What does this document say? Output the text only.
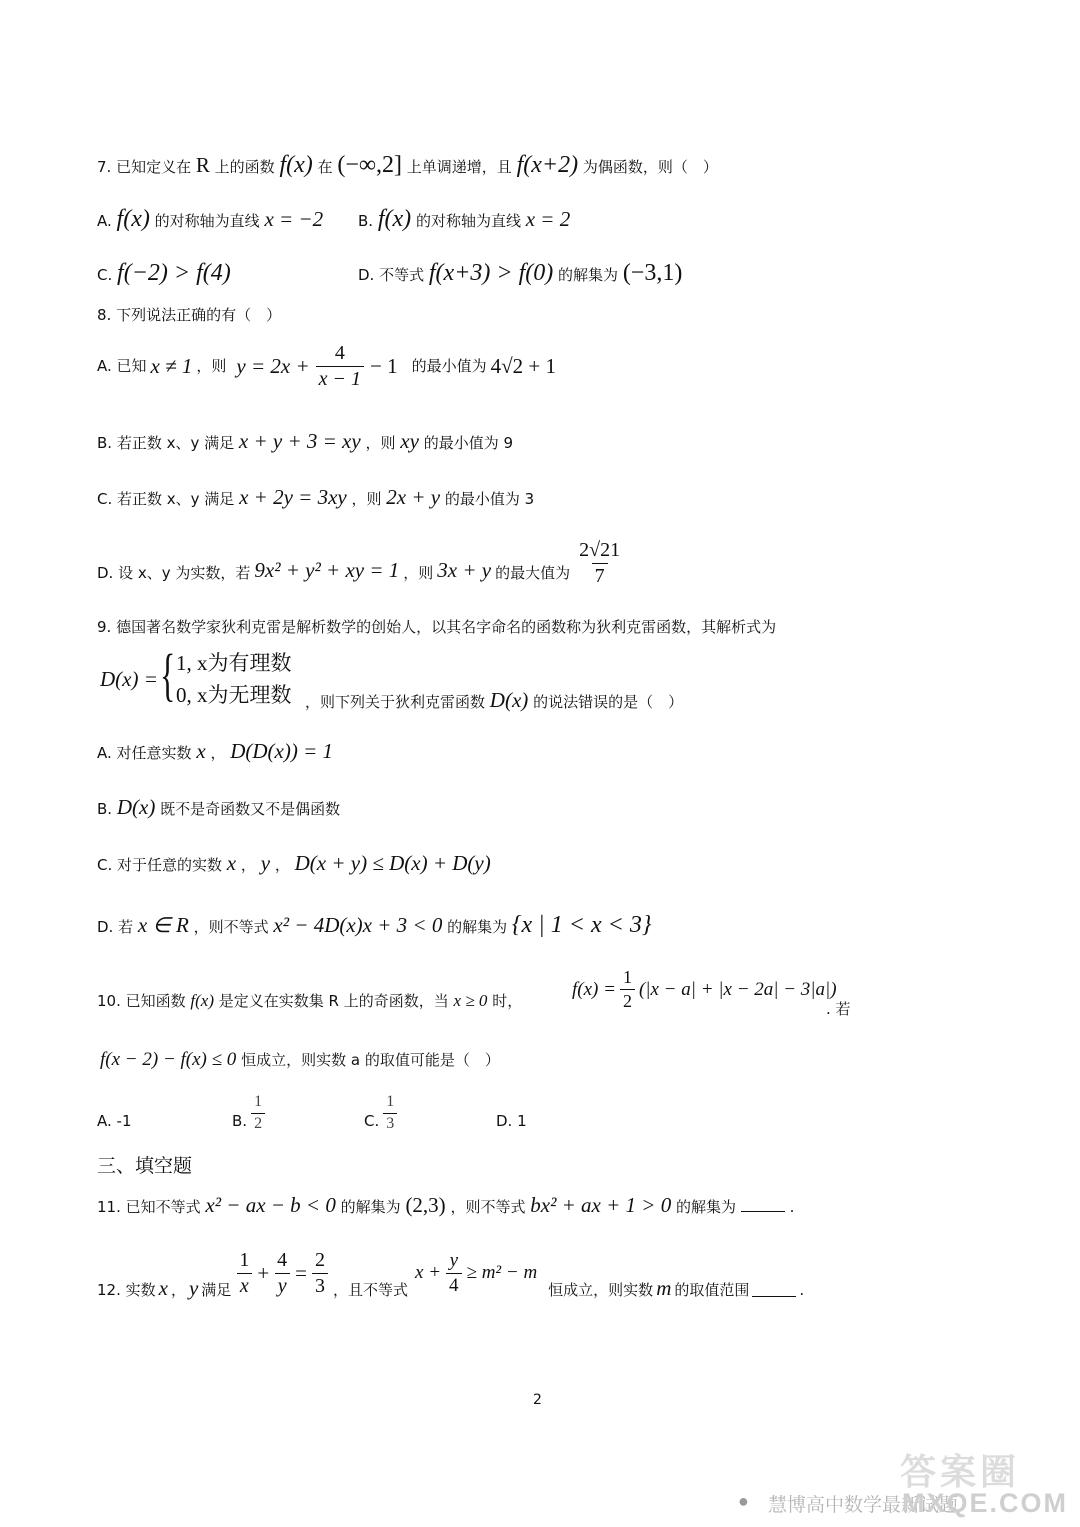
7. 已知定义在 R 上的函数 f(x) 在 (−∞,2] 上单调递增，且 f(x+2) 为偶函数，则（　）
A. f(x) 的对称轴为直线 x = −2 B. f(x) 的对称轴为直线 x = 2
C. f(−2) > f(4)	D. 不等式 f(x+3) > f(0) 的解集为 (−3,1)
8. 下列说法正确的有（　）
A. 已知 x ≠ 1 ，则 $y = 2x + \frac{4}{x - 1} - 1$ 的最小值为 4√2 + 1
B. 若正数 x、y 满足 x + y + 3 = xy ，则 xy 的最小值为 9
C. 若正数 x、y 满足 x + 2y = 3xy ，则 2x + y 的最小值为 3
D. 设 x、y 为实数，若 9x² + y² + xy = 1 ，则 3x + y 的最大值为 $\frac{2√21}{7}$
9. 德国著名数学家狄利克雷是解析数学的创始人，以其名字命名的函数称为狄利克雷函数，其解析式为
D(x) = { 1, x为有理数
0, x为无理数 ，则下列关于狄利克雷函数 D(x) 的说法错误的是（　）
A. 对任意实数 x ， D(D(x)) = 1
B. D(x) 既不是奇函数又不是偶函数
C. 对于任意的实数 x ， y ， D(x + y) ≤ D(x) + D(y)
D. 若 x ∈ R ，则不等式 x² − 4D(x)x + 3 < 0 的解集为 {x | 1 < x < 3}
10. 已知函数 f(x) 是定义在实数集 R 上的奇函数，当 x ≥ 0 时，
$f(x) = \frac{1}{2} (|x - a| + |x - 2a| - 3|a|)$
. 若
f(x − 2) − f(x) ≤ 0 恒成立，则实数 a 的取值可能是（　）
A. -1	B. $\frac{1}{2}$	C. $\frac{1}{3}$	D. 1
三、填空题
11. 已知不等式 x² − ax − b < 0 的解集为 (2,3) ，则不等式 bx² + ax + 1 > 0 的解集为	.
12. 实数 x ， y 满足 $\frac{1}{x} + \frac{4}{y} = \frac{2}{3}$ ，且不等式
$x + \frac{y}{4} \ge m^2 - m$
恒成立，则实数 m 的取值范围	.
2
● 慧博高中数学最新试题
答案圈
MXQE.COM
